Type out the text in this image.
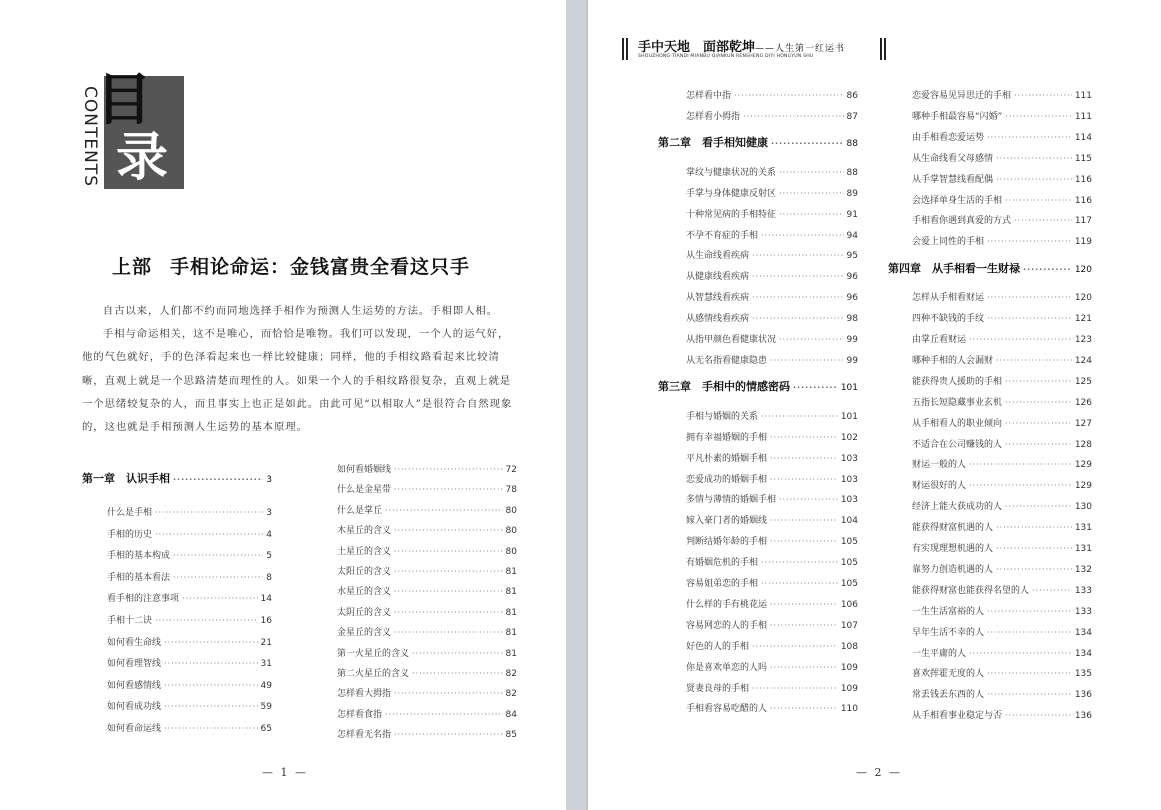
CONTENTS
目
录
上部 手相论命运：金钱富贵全看这只手

自古以来，人们都不约而同地选择手相作为预测人生运势的方法。手相即人相。

手相与命运相关，这不是唯心，而恰恰是唯物。我们可以发现，一个人的运气好，他的气色就好，手的色泽看起来也一样比较健康；同样，他的手相纹路看起来比较清晰，直观上就是一个思路清楚而理性的人。如果一个人的手相纹路很复杂，直观上就是一个思绪较复杂的人，而且事实上也正是如此。由此可见“以相取人”是很符合自然现象的，这也就是手相预测人生运势的基本原理。

第一章　认识手相 ·····	3
什么是手相 ·····	3
手相的历史 ·····	4
手相的基本构成 ·····	5
手相的基本看法 ·····	8
看手相的注意事项 ·····	14
手相十二诀 ·····	16
如何看生命线 ·····	21
如何看理智线 ·····	31
如何看感情线 ·····	49
如何看成功线 ·····	59
如何看命运线 ·····	65
如何看婚姻线 ·····	72
什么是金星带 ·····	78
什么是掌丘 ·····	80
木星丘的含义 ·····	80
土星丘的含义 ·····	80
太阳丘的含义 ·····	81
水星丘的含义 ·····	81
太阴丘的含义 ·····	81
金星丘的含义 ·····	81
第一火星丘的含义 ·····	81
第二火星丘的含义 ·····	82
怎样看大拇指 ·····	82
怎样看食指 ·····	84
怎样看无名指 ·····	85
— 1 —
手中天地　面部乾坤——人生第一红运书
SHOUZHONG TIANDI MIANBU QIANKUN RENSHENG DIYI HONGYUN SHU
怎样看中指 ·····	86
怎样看小拇指 ·····	87
第二章　看手相知健康 ·····	88
掌纹与健康状况的关系 ·····	88
手掌与身体健康反射区 ·····	89
十种常见病的手相特征 ·····	91
不孕不育症的手相 ·····	94
从生命线看疾病 ·····	95
从健康线看疾病 ·····	96
从智慧线看疾病 ·····	96
从感情线看疾病 ·····	98
从指甲颜色看健康状况 ·····	99
从无名指看健康隐患 ·····	99
第三章　手相中的情感密码 ·····	101
手相与婚姻的关系 ·····	101
拥有幸福婚姻的手相 ·····	102
平凡朴素的婚姻手相 ·····	103
恋爱成功的婚姻手相 ·····	103
多情与薄情的婚姻手相 ·····	103
嫁入豪门者的婚姻线 ·····	104
判断结婚年龄的手相 ·····	105
有婚姻危机的手相 ·····	105
容易姐弟恋的手相 ·····	105
什么样的手有桃花运 ·····	106
容易网恋的人的手相 ·····	107
好色的人的手相 ·····	108
你是喜欢单恋的人吗 ·····	109
贤妻良母的手相 ·····	109
手相看容易吃醋的人 ·····	110
恋爱容易见异思迁的手相 ·····	111
哪种手相最容易“闪婚” ·····	111
由手相看恋爱运势 ·····	114
从生命线看父母感情 ·····	115
从手掌智慧线看配偶 ·····	116
会选择单身生活的手相 ·····	116
手相看你遇到真爱的方式 ·····	117
会爱上同性的手相 ·····	119
第四章　从手相看一生财禄 ·····	120
怎样从手相看财运 ·····	120
四种不缺钱的手纹 ·····	121
由掌丘看财运 ·····	123
哪种手相的人会漏财 ·····	124
能获得贵人援助的手相 ·····	125
五指长短隐藏事业玄机 ·····	126
从手相看人的职业倾向 ·····	127
不适合在公司赚钱的人 ·····	128
财运一般的人 ·····	129
财运很好的人 ·····	129
经济上能大获成功的人 ·····	130
能获得财富机遇的人 ·····	131
有实现理想机遇的人 ·····	131
靠努力创造机遇的人 ·····	132
能获得财富也能获得名望的人 ·····	133
一生生活富裕的人 ·····	133
早年生活不幸的人 ·····	134
一生平庸的人 ·····	134
喜欢挥霍无度的人 ·····	135
常丢钱丢东西的人 ·····	136
从手相看事业稳定与否 ·····	136
— 2 —
